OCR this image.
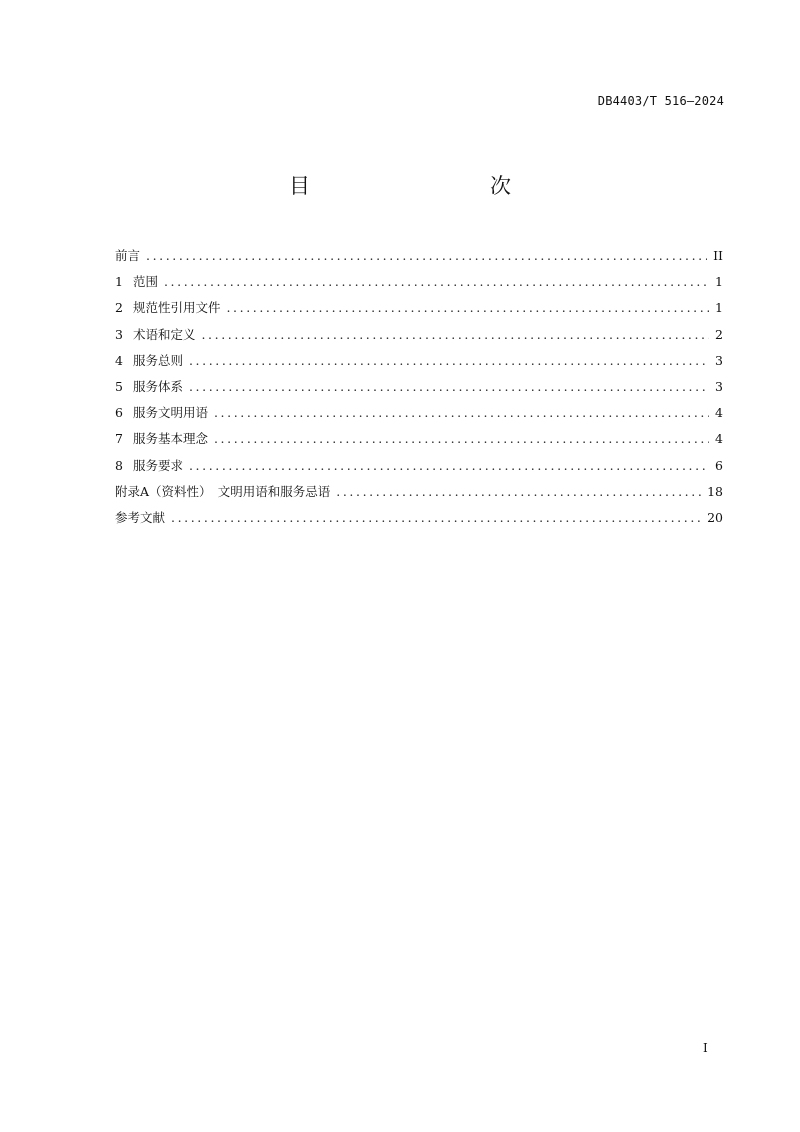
DB4403/T 516—2024
目　　次
前言 .....	II
1 范围 .....	1
2 规范性引用文件 .....	1
3 术语和定义 .....	2
4 服务总则 .....	3
5 服务体系 .....	3
6 服务文明用语 .....	4
7 服务基本理念 .....	4
8 服务要求 .....	6
附录A（资料性）　文明用语和服务忌语 .....	18
参考文献 .....	20
I
